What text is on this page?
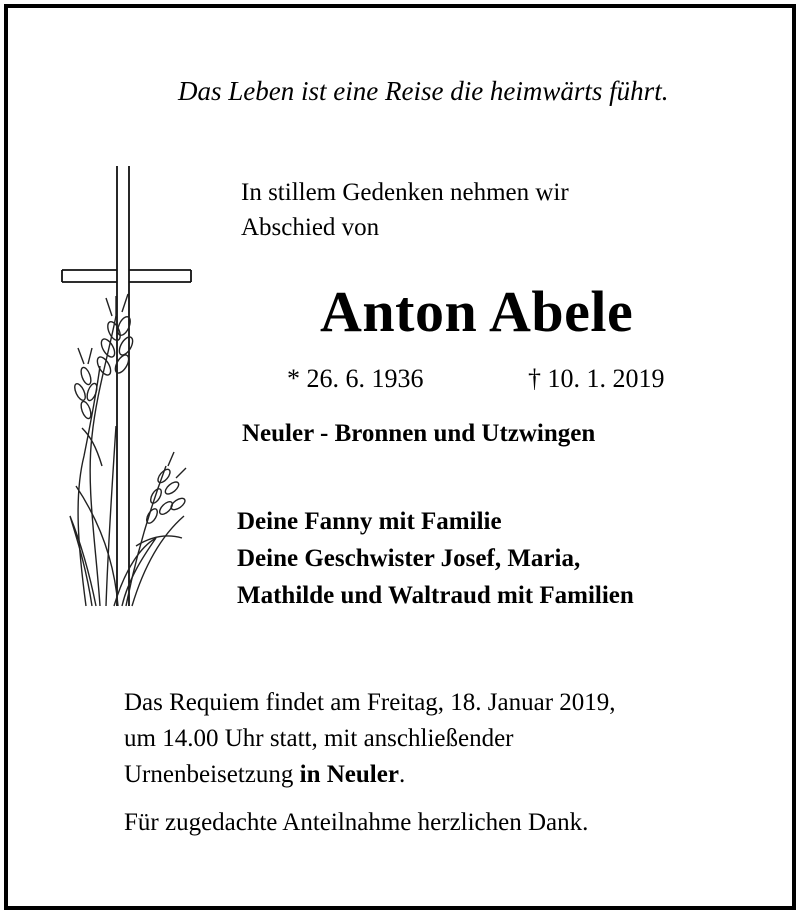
Das Leben ist eine Reise die heimwärts führt.
In stillem Gedenken nehmen wir
Abschied von
Anton Abele
* 26. 6. 1936	† 10. 1. 2019
Neuler - Bronnen und Utzwingen
Deine Fanny mit Familie
Deine Geschwister Josef, Maria,
Mathilde und Waltraud mit Familien
Das Requiem findet am Freitag, 18. Januar 2019,
um 14.00 Uhr statt, mit anschließender
Urnenbeisetzung in Neuler.
Für zugedachte Anteilnahme herzlichen Dank.
